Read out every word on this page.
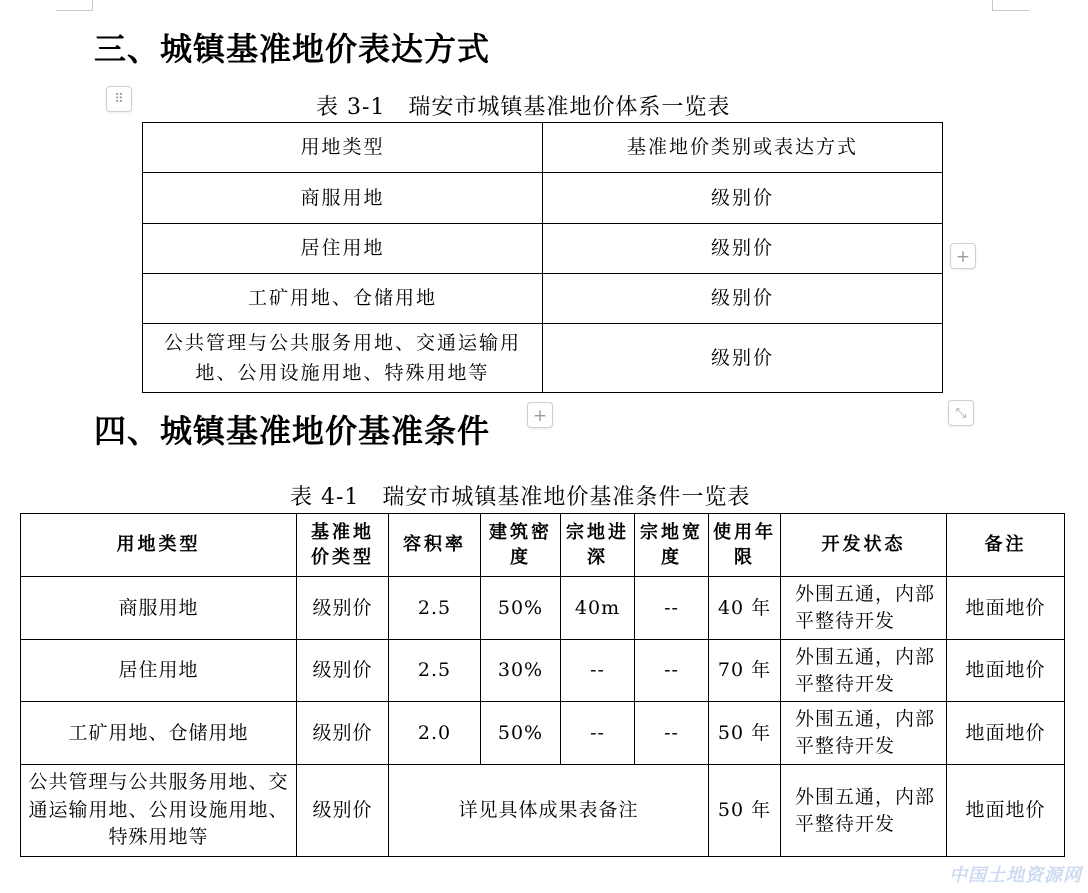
三、城镇基准地价表达方式
⠿	表 3-1　瑞安市城镇基准地价体系一览表

用地类型	基准地价类别或表达方式
商服用地	级别价
居住用地	级别价
工矿用地、仓储用地	级别价
公共管理与公共服务用地、交通运输用地、公用设施用地、特殊用地等	级别价
+
+	⤡
四、城镇基准地价基准条件

表 4-1　瑞安市城镇基准地价基准条件一览表

用地类型	基准地价类型	容积率	建筑密度	宗地进深	宗地宽度	使用年限	开发状态	备注
商服用地	级别价	2.5	50%	40m	--	40 年	外围五通，内部平整待开发	地面地价
居住用地	级别价	2.5	30%	--	--	70 年	外围五通，内部平整待开发	地面地价
工矿用地、仓储用地	级别价	2.0	50%	--	--	50 年	外围五通，内部平整待开发	地面地价
公共管理与公共服务用地、交通运输用地、公用设施用地、特殊用地等	级别价	详见具体成果表备注				50 年	外围五通，内部平整待开发	地面地价
中国土地资源网
